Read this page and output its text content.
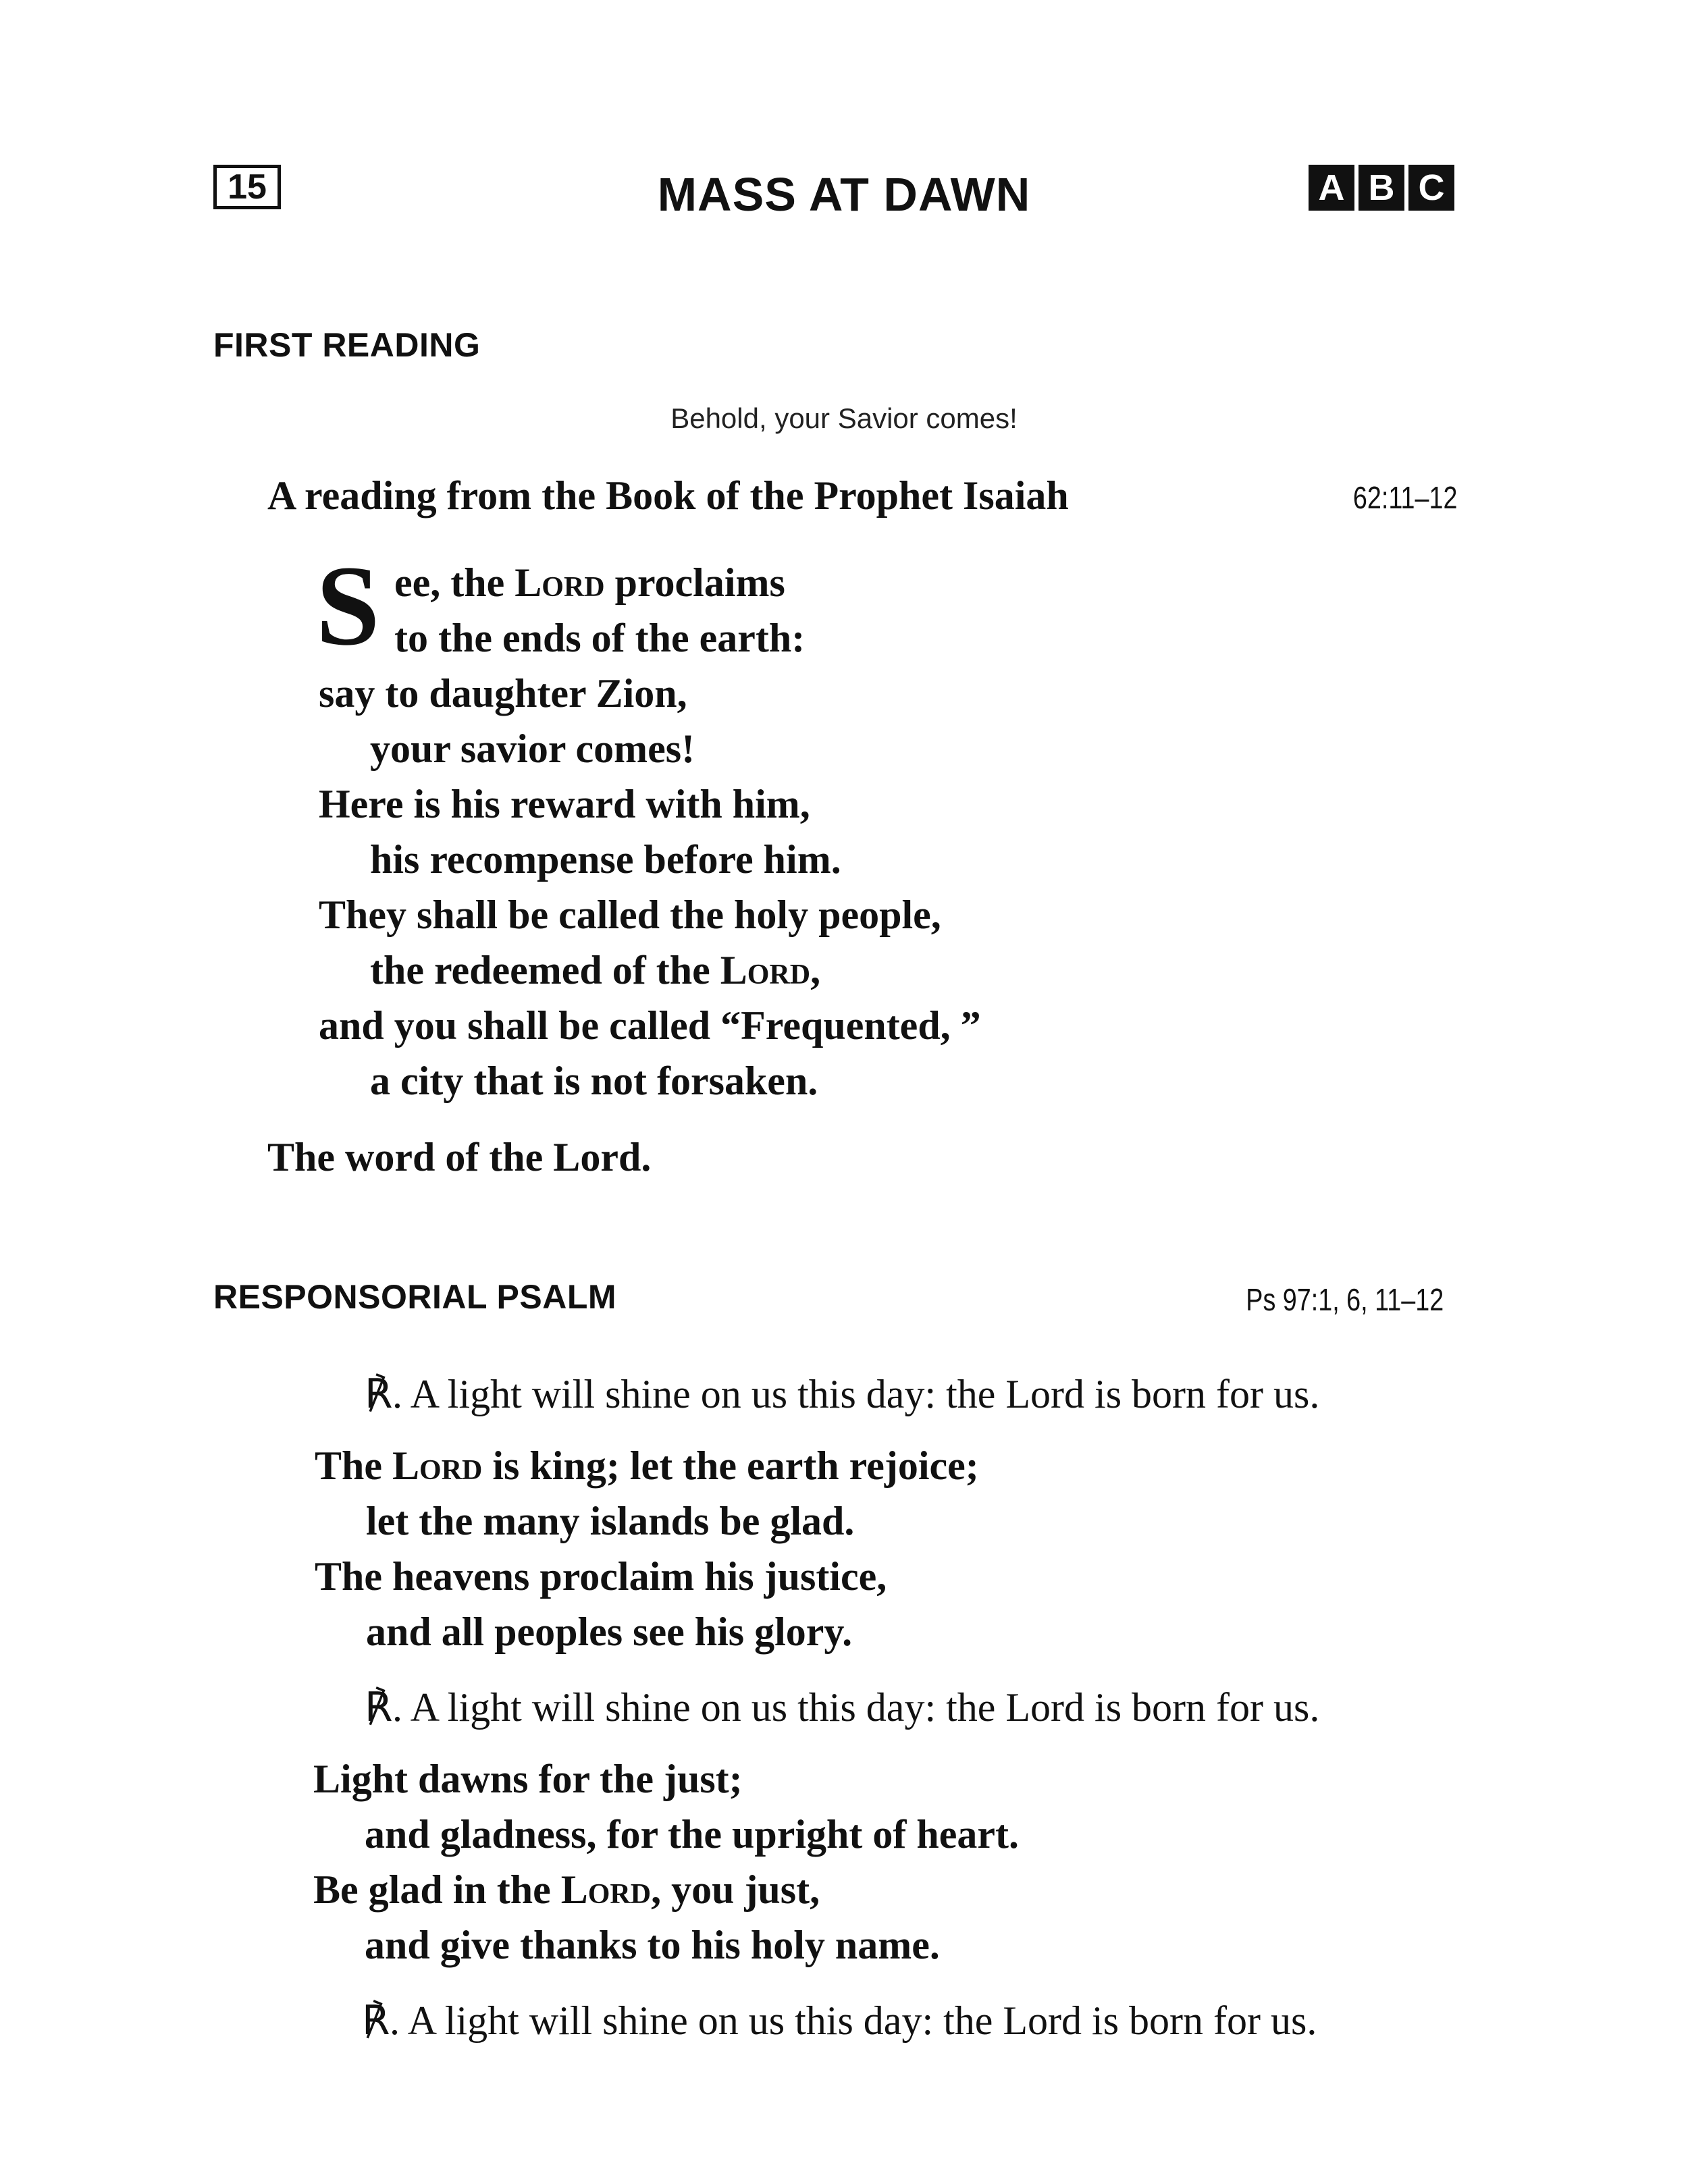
15	MASS AT DAWN	A B C
FIRST READING
Behold, your Savior comes!
A reading from the Book of the Prophet Isaiah	62:11–12
S ee, the Lord proclaims
to the ends of the earth:
say to daughter Zion,
your savior comes!
Here is his reward with him,
his recompense before him.
They shall be called the holy people,
the redeemed of the Lord,
and you shall be called “Frequented, ”
a city that is not forsaken.
The word of the Lord.
RESPONSORIAL PSALM	Ps 97:1, 6, 11–12
℟. A light will shine on us this day: the Lord is born for us.
The Lord is king; let the earth rejoice;
let the many islands be glad.
The heavens proclaim his justice,
and all peoples see his glory.
℟. A light will shine on us this day: the Lord is born for us.
Light dawns for the just;
and gladness, for the upright of heart.
Be glad in the Lord, you just,
and give thanks to his holy name.
℟. A light will shine on us this day: the Lord is born for us.
